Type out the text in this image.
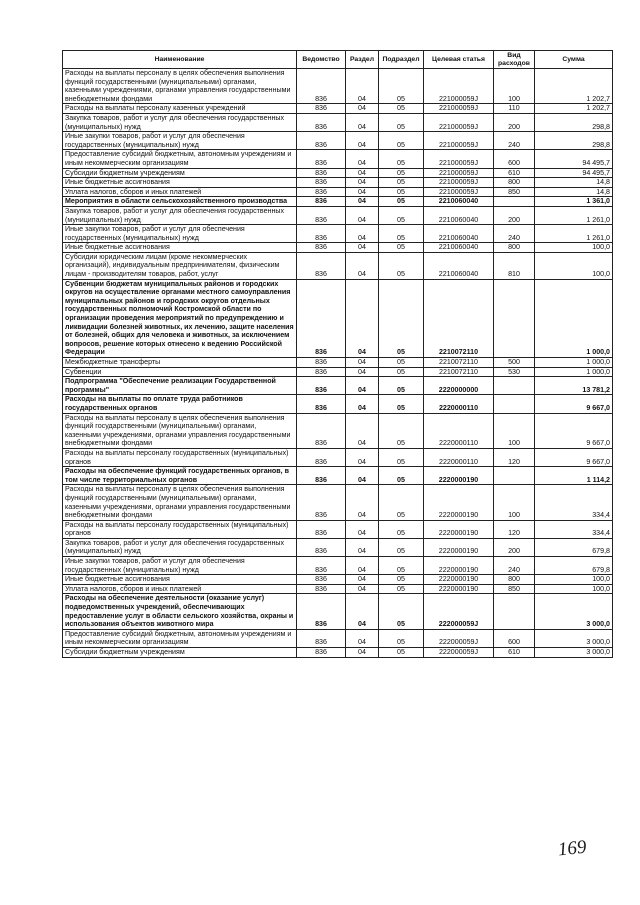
Наименование	Ведомство	Раздел	Подраздел	Целевая статья	Вид расходов	Сумма
Расходы на выплаты персоналу в целях обеспечения выполнения функций государственными (муниципальными) органами, казенными учреждениями, органами управления государственными внебюджетными фондами	836	04	05	221000059J	100	1 202,7
Расходы на выплаты персоналу казенных учреждений	836	04	05	221000059J	110	1 202,7
Закупка товаров, работ и услуг для обеспечения государственных (муниципальных) нужд	836	04	05	221000059J	200	298,8
Иные закупки товаров, работ и услуг для обеспечения государственных (муниципальных) нужд	836	04	05	221000059J	240	298,8
Предоставление субсидий бюджетным, автономным учреждениям и иным некоммерческим организациям	836	04	05	221000059J	600	94 495,7
Субсидии бюджетным учреждениям	836	04	05	221000059J	610	94 495,7
Иные бюджетные ассигнования	836	04	05	221000059J	800	14,8
Уплата налогов, сборов и иных платежей	836	04	05	221000059J	850	14,8
Мероприятия в области сельскохозяйственного производства	836	04	05	2210060040		1 361,0
Закупка товаров, работ и услуг для обеспечения государственных (муниципальных) нужд	836	04	05	2210060040	200	1 261,0
Иные закупки товаров, работ и услуг для обеспечения государственных (муниципальных) нужд	836	04	05	2210060040	240	1 261,0
Иные бюджетные ассигнования	836	04	05	2210060040	800	100,0
Субсидии юридическим лицам (кроме некоммерческих организаций), индивидуальным предпринимателям, физическим лицам - производителям товаров, работ, услуг	836	04	05	2210060040	810	100,0
Субвенции бюджетам муниципальных районов и городских округов на осуществление органами местного самоуправления муниципальных районов и городских округов отдельных государственных полномочий Костромской области по организации проведения мероприятий по предупреждению и ликвидации болезней животных, их лечению, защите населения от болезней, общих для человека и животных, за исключением вопросов, решение которых отнесено к ведению Российской Федерации	836	04	05	2210072110		1 000,0
Межбюджетные трансферты	836	04	05	2210072110	500	1 000,0
Субвенции	836	04	05	2210072110	530	1 000,0
Подпрограмма "Обеспечение реализации Государственной программы"	836	04	05	2220000000		13 781,2
Расходы на выплаты по оплате труда работников государственных органов	836	04	05	2220000110		9 667,0
Расходы на выплаты персоналу в целях обеспечения выполнения функций государственными (муниципальными) органами, казенными учреждениями, органами управления государственными внебюджетными фондами	836	04	05	2220000110	100	9 667,0
Расходы на выплаты персоналу государственных (муниципальных) органов	836	04	05	2220000110	120	9 667,0
Расходы на обеспечение функций государственных органов, в том числе территориальных органов	836	04	05	2220000190		1 114,2
Расходы на выплаты персоналу в целях обеспечения выполнения функций государственными (муниципальными) органами, казенными учреждениями, органами управления государственными внебюджетными фондами	836	04	05	2220000190	100	334,4
Расходы на выплаты персоналу государственных (муниципальных) органов	836	04	05	2220000190	120	334,4
Закупка товаров, работ и услуг для обеспечения государственных (муниципальных) нужд	836	04	05	2220000190	200	679,8
Иные закупки товаров, работ и услуг для обеспечения государственных (муниципальных) нужд	836	04	05	2220000190	240	679,8
Иные бюджетные ассигнования	836	04	05	2220000190	800	100,0
Уплата налогов, сборов и иных платежей	836	04	05	2220000190	850	100,0
Расходы на обеспечение деятельности (оказание услуг) подведомственных учреждений, обеспечивающих предоставление услуг в области сельского хозяйства, охраны и использования объектов животного мира	836	04	05	222000059J		3 000,0
Предоставление субсидий бюджетным, автономным учреждениям и иным некоммерческим организациям	836	04	05	222000059J	600	3 000,0
Субсидии бюджетным учреждениям	836	04	05	222000059J	610	3 000,0
169
